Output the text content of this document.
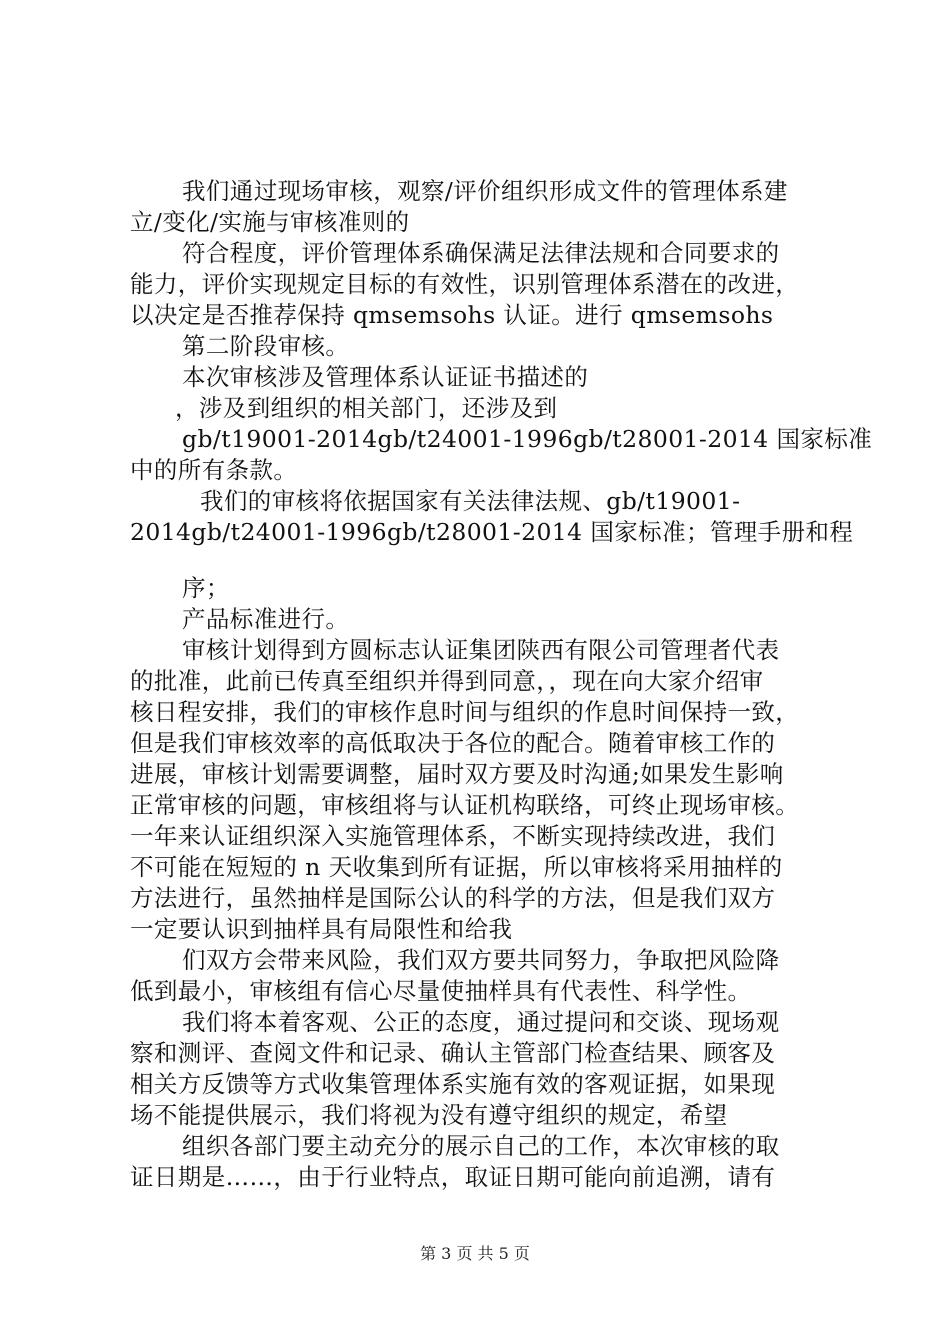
我们通过现场审核，观察/评价组织形成文件的管理体系建
立/变化/实施与审核准则的
符合程度，评价管理体系确保满足法律法规和合同要求的
能力，评价实现规定目标的有效性，识别管理体系潜在的改进，
以决定是否推荐保持 qmsemsohs 认证。进行 qmsemsohs
第二阶段审核。
本次审核涉及管理体系认证证书描述的
，涉及到组织的相关部门，还涉及到
gb/t19001-2014gb/t24001-1996gb/t28001-2014 国家标准
中的所有条款。
我们的审核将依据国家有关法律法规、gb/t19001-
2014gb/t24001-1996gb/t28001-2014 国家标准；管理手册和程
序；
产品标准进行。
审核计划得到方圆标志认证集团陕西有限公司管理者代表
的批准，此前已传真至组织并得到同意，，现在向大家介绍审
核日程安排，我们的审核作息时间与组织的作息时间保持一致，
但是我们审核效率的高低取决于各位的配合。随着审核工作的
进展，审核计划需要调整，届时双方要及时沟通;如果发生影响
正常审核的问题，审核组将与认证机构联络，可终止现场审核。
一年来认证组织深入实施管理体系，不断实现持续改进，我们
不可能在短短的 n 天收集到所有证据，所以审核将采用抽样的
方法进行，虽然抽样是国际公认的科学的方法，但是我们双方
一定要认识到抽样具有局限性和给我
们双方会带来风险，我们双方要共同努力，争取把风险降
低到最小，审核组有信心尽量使抽样具有代表性、科学性。
我们将本着客观、公正的态度，通过提问和交谈、现场观
察和测评、查阅文件和记录、确认主管部门检查结果、顾客及
相关方反馈等方式收集管理体系实施有效的客观证据，如果现
场不能提供展示，我们将视为没有遵守组织的规定，希望
组织各部门要主动充分的展示自己的工作，本次审核的取
证日期是……，由于行业特点，取证日期可能向前追溯，请有
第 3 页 共 5 页
